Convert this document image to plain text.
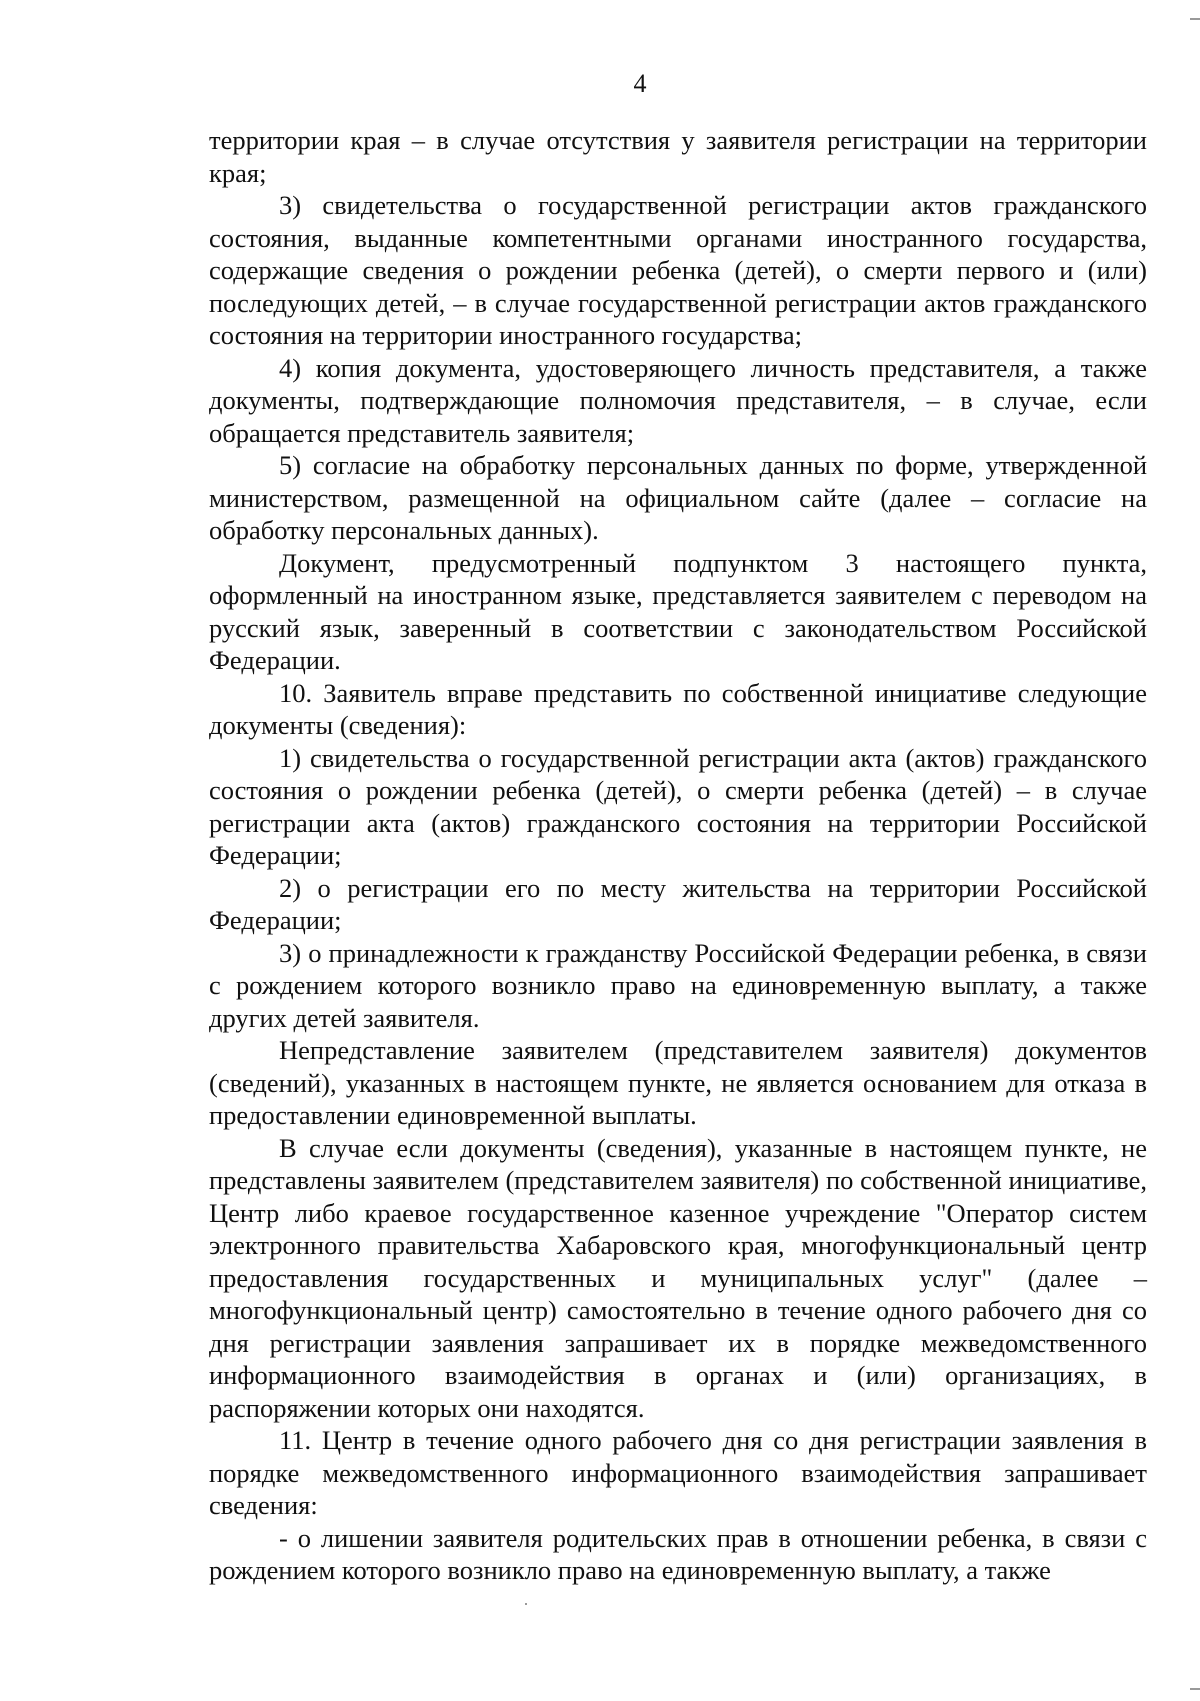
4

территории края – в случае отсутствия у заявителя регистрации на территории края;

3) свидетельства о государственной регистрации актов гражданского состояния, выданные компетентными органами иностранного государства, содержащие сведения о рождении ребенка (детей), о смерти первого и (или) последующих детей, – в случае государственной регистрации актов гражданского состояния на территории иностранного государства;

4) копия документа, удостоверяющего личность представителя, а также документы, подтверждающие полномочия представителя, – в случае, если обращается представитель заявителя;

5) согласие на обработку персональных данных по форме, утвержденной министерством, размещенной на официальном сайте (далее – согласие на обработку персональных данных).

Документ, предусмотренный подпунктом 3 настоящего пункта, оформленный на иностранном языке, представляется заявителем с переводом на русский язык, заверенный в соответствии с законодательством Российской Федерации.

10. Заявитель вправе представить по собственной инициативе следующие документы (сведения):

1) свидетельства о государственной регистрации акта (актов) гражданского состояния о рождении ребенка (детей), о смерти ребенка (детей) – в случае регистрации акта (актов) гражданского состояния на территории Российской Федерации;

2) о регистрации его по месту жительства на территории Российской Федерации;

3) о принадлежности к гражданству Российской Федерации ребенка, в связи с рождением которого возникло право на единовременную выплату, а также других детей заявителя.

Непредставление заявителем (представителем заявителя) документов (сведений), указанных в настоящем пункте, не является основанием для отказа в предоставлении единовременной выплаты.

В случае если документы (сведения), указанные в настоящем пункте, не представлены заявителем (представителем заявителя) по собственной инициативе, Центр либо краевое государственное казенное учреждение "Оператор систем электронного правительства Хабаровского края, многофункциональный центр предоставления государственных и муниципальных услуг" (далее – многофункциональный центр) самостоятельно в течение одного рабочего дня со дня регистрации заявления запрашивает их в порядке межведомственного информационного взаимодействия в органах и (или) организациях, в распоряжении которых они находятся.

11. Центр в течение одного рабочего дня со дня регистрации заявления в порядке межведомственного информационного взаимодействия запрашивает сведения:

- о лишении заявителя родительских прав в отношении ребенка, в связи с рождением которого возникло право на единовременную выплату, а также
